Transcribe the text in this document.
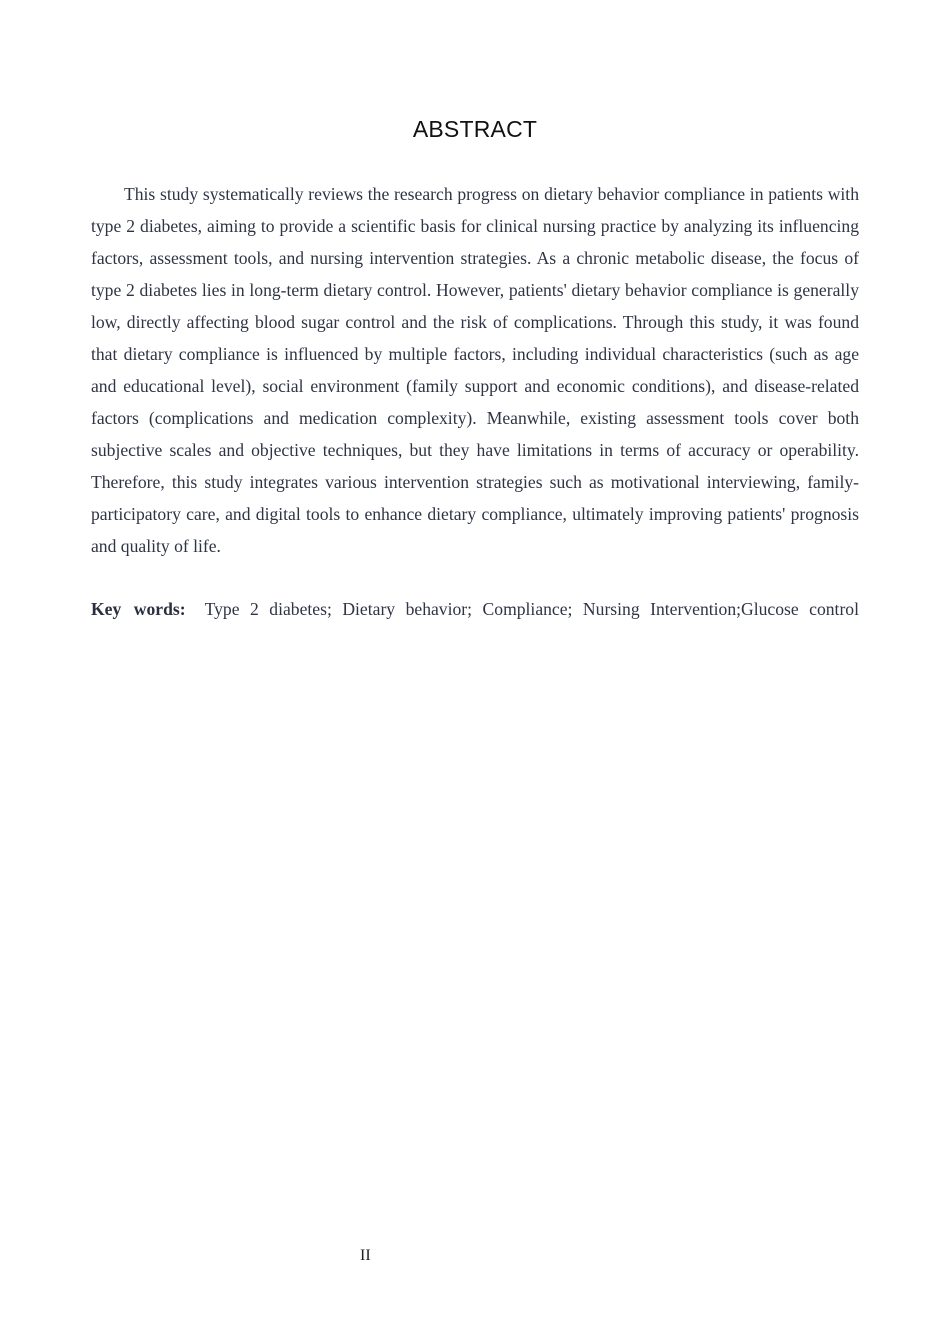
ABSTRACT

This study systematically reviews the research progress on dietary behavior compliance in patients with type 2 diabetes, aiming to provide a scientific basis for clinical nursing practice by analyzing its influencing factors, assessment tools, and nursing intervention strategies. As a chronic metabolic disease, the focus of type 2 diabetes lies in long-term dietary control. However, patients' dietary behavior compliance is generally low, directly affecting blood sugar control and the risk of complications. Through this study, it was found that dietary compliance is influenced by multiple factors, including individual characteristics (such as age and educational level), social environment (family support and economic conditions), and disease-related factors (complications and medication complexity). Meanwhile, existing assessment tools cover both subjective scales and objective techniques, but they have limitations in terms of accuracy or operability. Therefore, this study integrates various intervention strategies such as motivational interviewing, family-participatory care, and digital tools to enhance dietary compliance, ultimately improving patients' prognosis and quality of life.

Key words: Type 2 diabetes; Dietary behavior; Compliance; Nursing Intervention;Glucose control

II
